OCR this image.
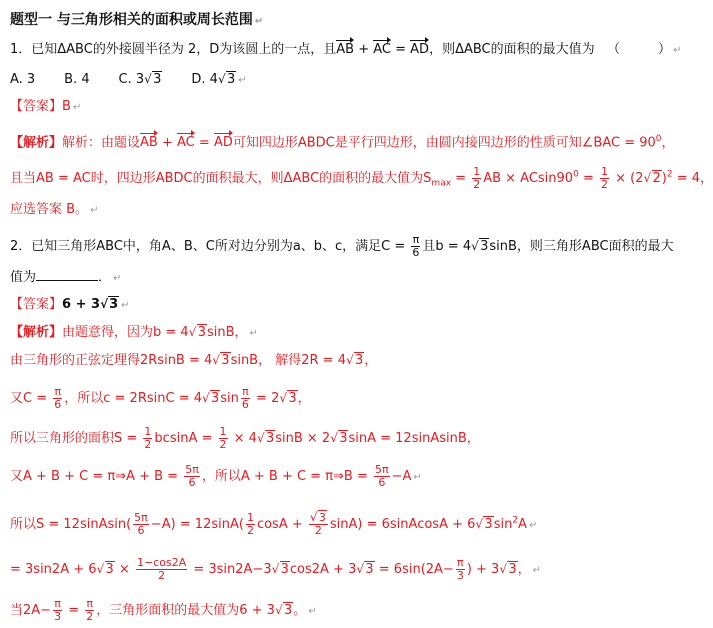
题型一 与三角形相关的面积或周长范围 ↵
1．已知ΔABC的外接圆半径为 2，D为该圆上的一点，且AB + AC = AD，则ΔABC的面积的最大值为 （	） ↵
A. 3 B. 4 C. 3√ 3 D. 4√ 3 ↵
【答案】B ↵
【解析】解析：由题设AB + AC = AD可知四边形ABDC是平行四边形，由圆内接四边形的性质可知∠BAC = $90^0$，
且当AB = AC时，四边形ABDC的面积最大，则ΔABC的面积的最大值为$S_{max} = \frac{1}{2}$ AB × $ACsin90^0 = \frac{1}{2} \times (2√$ 2)$^2$ = 4，
应选答案 B。 ↵
2．已知三角形ABC中，角A、B、C所对边分别为a、b、c，满足$C = \frac{\pi}{6}$ 且b = 4√ 3sinB，则三角形ABC面积的最大
值为	． ↵
【答案】6 + 3√ 3 ↵
【解析】由题意得，因为b = 4√ 3sinB， ↵
由三角形的正弦定理得2RsinB = 4√ 3sinB， 解得2R = 4√ 3，
又$C = \frac{\pi}{6}$ ，所以c = 2RsinC = 4√ $3\sin \frac{\pi}{6} = 2√$ 3，
所以三角形的面积$S = \frac{1}{2}$ $bcsinA = \frac{1}{2} \times 4√$ 3sinB × 2√ 3sinA = 12sinAsinB，
又A + B + C = π⇒A + $B = \frac{5\pi}{6}$ ，所以A + B + C = π⇒B = $\frac{5\pi}{6} -A$ ↵
所以S = 12sinAsin( $\frac{5\pi}{6} -A) = 12\sin A( \frac{1}{2}$ cosA +
√ $\frac{3}{2} \sin A$) = 6sinAcosA + 6√ $3\sin^2A$ ↵
= 3sin2A + 6√ $3 \times \frac{1-\cos 2A}{2} = 3\sin 2A-3√$ 3cos2A + 3√ $3 = 6\sin(2A- \frac{\pi}{3}$ ) + 3√ 3， ↵
当$2A- \frac{\pi}{3} = \frac{\pi}{2}$ ，三角形面积的最大值为6 + 3√ 3。 ↵
